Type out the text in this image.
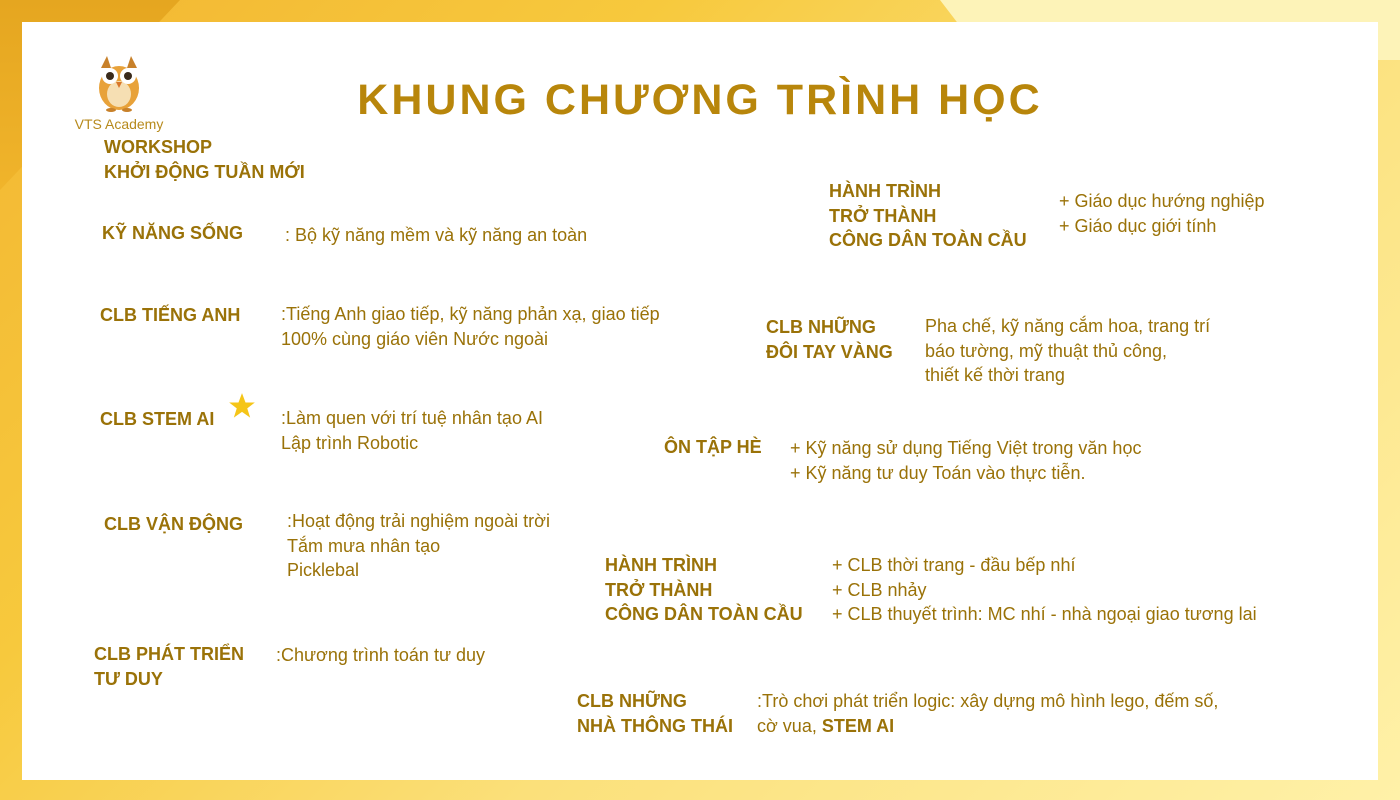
VTS Academy	KHUNG CHƯƠNG TRÌNH HỌC
WORKSHOP
KHỞI ĐỘNG TUẦN MỚI
KỸ NĂNG SỐNG : Bộ kỹ năng mềm và kỹ năng an toàn
CLB TIẾNG ANH :Tiếng Anh giao tiếp, kỹ năng phản xạ, giao tiếp
100% cùng giáo viên Nước ngoài
CLB STEM AI	:Làm quen với trí tuệ nhân tạo AI
Lập trình Robotic
CLB VẬN ĐỘNG :Hoạt động trải nghiệm ngoài trời
Tắm mưa nhân tạo
Picklebal
CLB PHÁT TRIỂN
TƯ DUY
:Chương trình toán tư duy
HÀNH TRÌNH
TRỞ THÀNH
CÔNG DÂN TOÀN CẦU
+ Giáo dục hướng nghiệp
+ Giáo dục giới tính
CLB NHỮNG
ĐÔI TAY VÀNG
Pha chế, kỹ năng cắm hoa, trang trí
báo tường, mỹ thuật thủ công,
thiết kế thời trang
ÔN TẬP HÈ + Kỹ năng sử dụng Tiếng Việt trong văn học
+ Kỹ năng tư duy Toán vào thực tiễn.
HÀNH TRÌNH
TRỞ THÀNH
CÔNG DÂN TOÀN CẦU
+ CLB thời trang - đầu bếp nhí
+ CLB nhảy
+ CLB thuyết trình: MC nhí - nhà ngoại giao tương lai
CLB NHỮNG
NHÀ THÔNG THÁI
:Trò chơi phát triển logic: xây dựng mô hình lego, đếm số,
cờ vua, STEM AI
